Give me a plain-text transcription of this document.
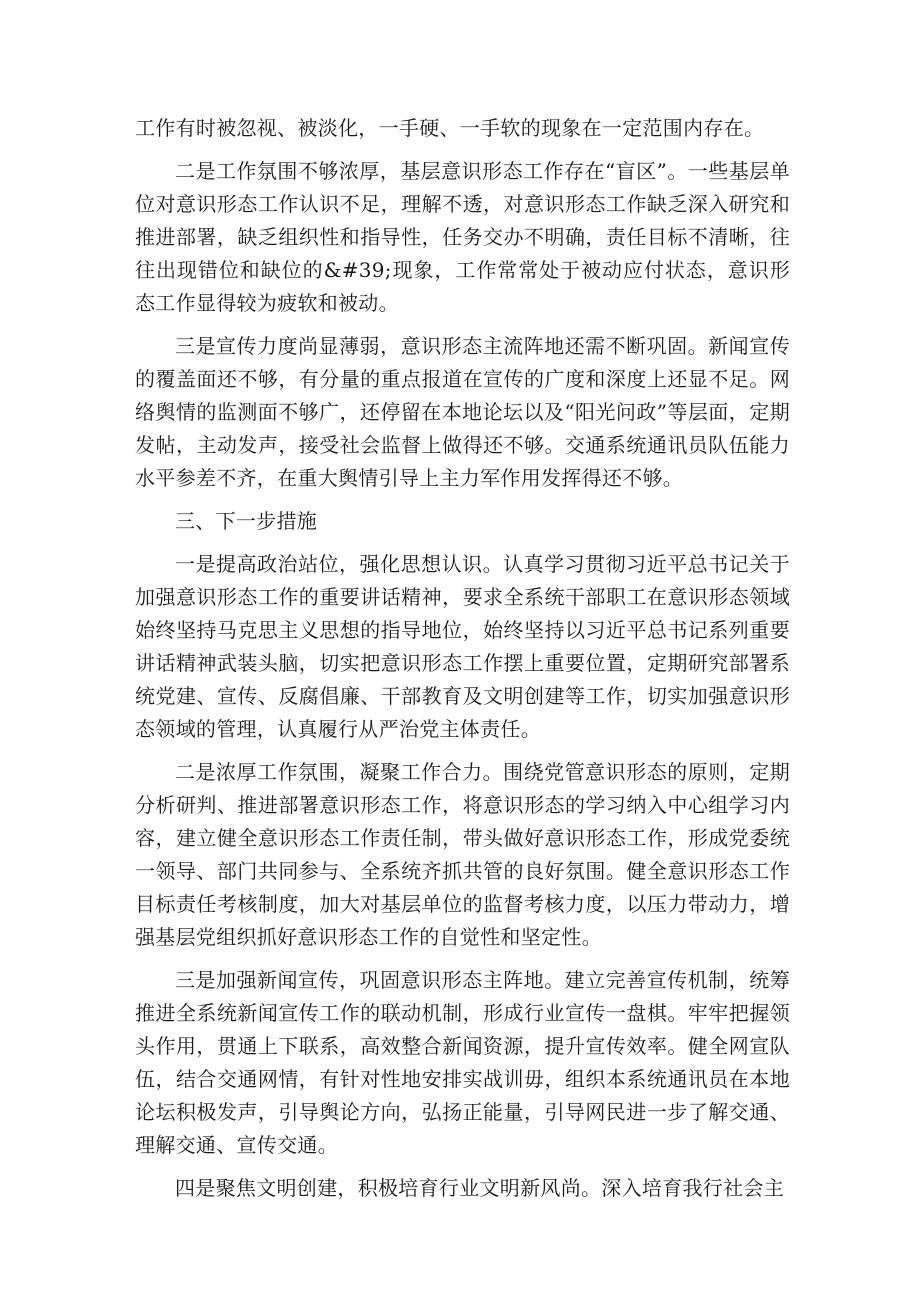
工作有时被忽视、被淡化，一手硬、一手软的现象在一定范围内存在。

二是工作氛围不够浓厚，基层意识形态工作存在“盲区”。一些基层单位对意识形态工作认识不足，理解不透，对意识形态工作缺乏深入研究和推进部署，缺乏组织性和指导性，任务交办不明确，责任目标不清晰，往往出现错位和缺位的&#39;现象，工作常常处于被动应付状态，意识形态工作显得较为疲软和被动。

三是宣传力度尚显薄弱，意识形态主流阵地还需不断巩固。新闻宣传的覆盖面还不够，有分量的重点报道在宣传的广度和深度上还显不足。网络舆情的监测面不够广，还停留在本地论坛以及“阳光问政”等层面，定期发帖，主动发声，接受社会监督上做得还不够。交通系统通讯员队伍能力水平参差不齐，在重大舆情引导上主力军作用发挥得还不够。

三、下一步措施

一是提高政治站位，强化思想认识。认真学习贯彻习近平总书记关于加强意识形态工作的重要讲话精神，要求全系统干部职工在意识形态领域始终坚持马克思主义思想的指导地位，始终坚持以习近平总书记系列重要讲话精神武装头脑，切实把意识形态工作摆上重要位置，定期研究部署系统党建、宣传、反腐倡廉、干部教育及文明创建等工作，切实加强意识形态领域的管理，认真履行从严治党主体责任。

二是浓厚工作氛围，凝聚工作合力。围绕党管意识形态的原则，定期分析研判、推进部署意识形态工作，将意识形态的学习纳入中心组学习内容，建立健全意识形态工作责任制，带头做好意识形态工作，形成党委统一领导、部门共同参与、全系统齐抓共管的良好氛围。健全意识形态工作目标责任考核制度，加大对基层单位的监督考核力度，以压力带动力，增强基层党组织抓好意识形态工作的自觉性和坚定性。

三是加强新闻宣传，巩固意识形态主阵地。建立完善宣传机制，统筹推进全系统新闻宣传工作的联动机制，形成行业宣传一盘棋。牢牢把握领头作用，贯通上下联系，高效整合新闻资源，提升宣传效率。健全网宣队伍，结合交通网情，有针对性地安排实战训毋，组织本系统通讯员在本地论坛积极发声，引导舆论方向，弘扬正能量，引导网民进一步了解交通、理解交通、宣传交通。

四是聚焦文明创建，积极培育行业文明新风尚。深入培育我行社会主
